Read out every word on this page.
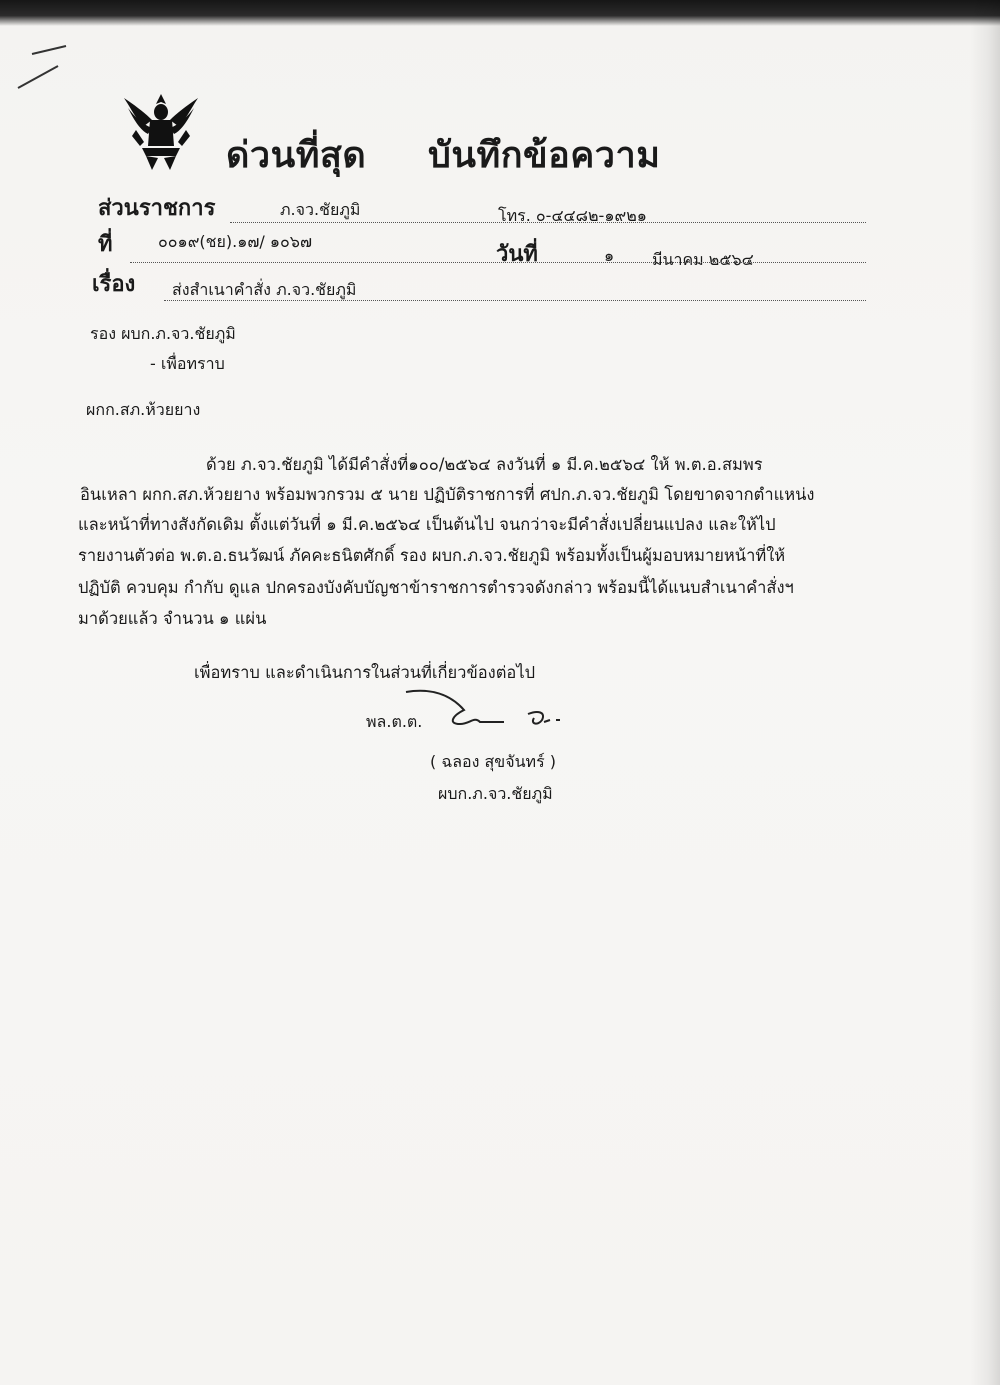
ด่วนที่สุด บันทึกข้อความ
ส่วนราชการ	ภ.จว.ชัยภูมิ	โทร. ๐-๔๔๘๒-๑๙๒๑
ที่	๐๐๑๙(ชย).๑๗/ ๑๐๖๗
วันที่	๑ มีนาคม ๒๕๖๔
เรื่อง ส่งสำเนาคำสั่ง ภ.จว.ชัยภูมิ
รอง ผบก.ภ.จว.ชัยภูมิ
- เพื่อทราบ
ผกก.สภ.ห้วยยาง
ด้วย ภ.จว.ชัยภูมิ ได้มีคำสั่งที่๑๐๐/๒๕๖๔ ลงวันที่ ๑ มี.ค.๒๕๖๔ ให้ พ.ต.อ.สมพร
อินเหลา ผกก.สภ.ห้วยยาง พร้อมพวกรวม ๕ นาย ปฏิบัติราชการที่ ศปก.ภ.จว.ชัยภูมิ โดยขาดจากตำแหน่ง
และหน้าที่ทางสังกัดเดิม ตั้งแต่วันที่ ๑ มี.ค.๒๕๖๔ เป็นต้นไป จนกว่าจะมีคำสั่งเปลี่ยนแปลง และให้ไป
รายงานตัวต่อ พ.ต.อ.ธนวัฒน์ ภัคคะธนิตศักดิ์ รอง ผบก.ภ.จว.ชัยภูมิ พร้อมทั้งเป็นผู้มอบหมายหน้าที่ให้
ปฏิบัติ ควบคุม กำกับ ดูแล ปกครองบังคับบัญชาข้าราชการตำรวจดังกล่าว พร้อมนี้ได้แนบสำเนาคำสั่งฯ
มาด้วยแล้ว จำนวน ๑ แผ่น
เพื่อทราบ และดำเนินการในส่วนที่เกี่ยวข้องต่อไป
พล.ต.ต.
( ฉลอง สุขจันทร์ )
ผบก.ภ.จว.ชัยภูมิ
